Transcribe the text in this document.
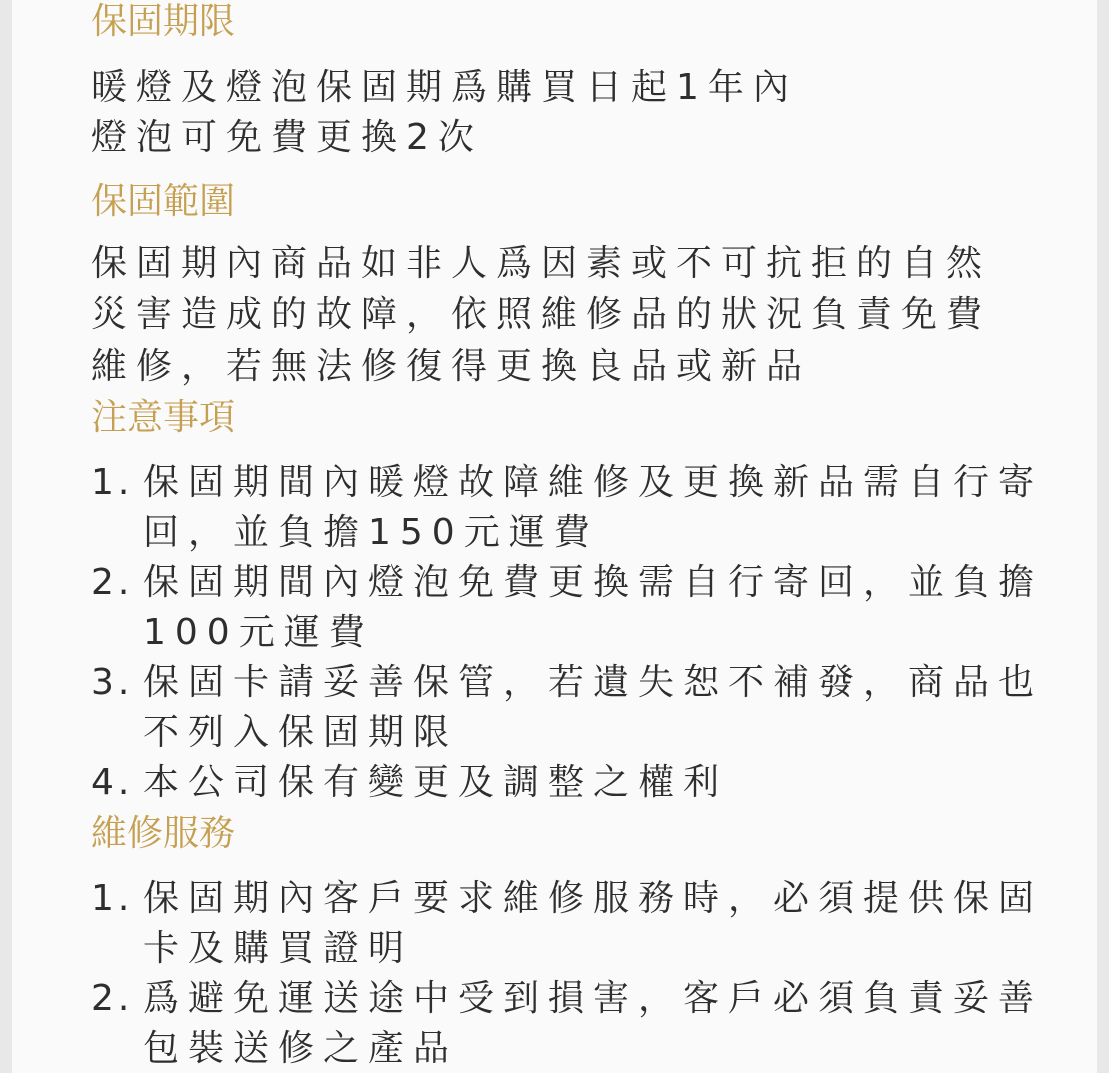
保固期限

暖燈及燈泡保固期爲購買日起1年內

燈泡可免費更換2次

保固範圍

保固期內商品如非人爲因素或不可抗拒的自然

災害造成的故障，依照維修品的狀況負責免費

維修，若無法修復得更換良品或新品

注意事項
1. 保固期間內暖燈故障維修及更換新品需自行寄
回，並負擔150元運費
2. 保固期間內燈泡免費更換需自行寄回，並負擔
100元運費
3. 保固卡請妥善保管，若遺失恕不補發，商品也
不列入保固期限
4. 本公司保有變更及調整之權利
維修服務
1. 保固期內客戶要求維修服務時，必須提供保固
卡及購買證明
2. 爲避免運送途中受到損害，客戶必須負責妥善
包裝送修之產品
